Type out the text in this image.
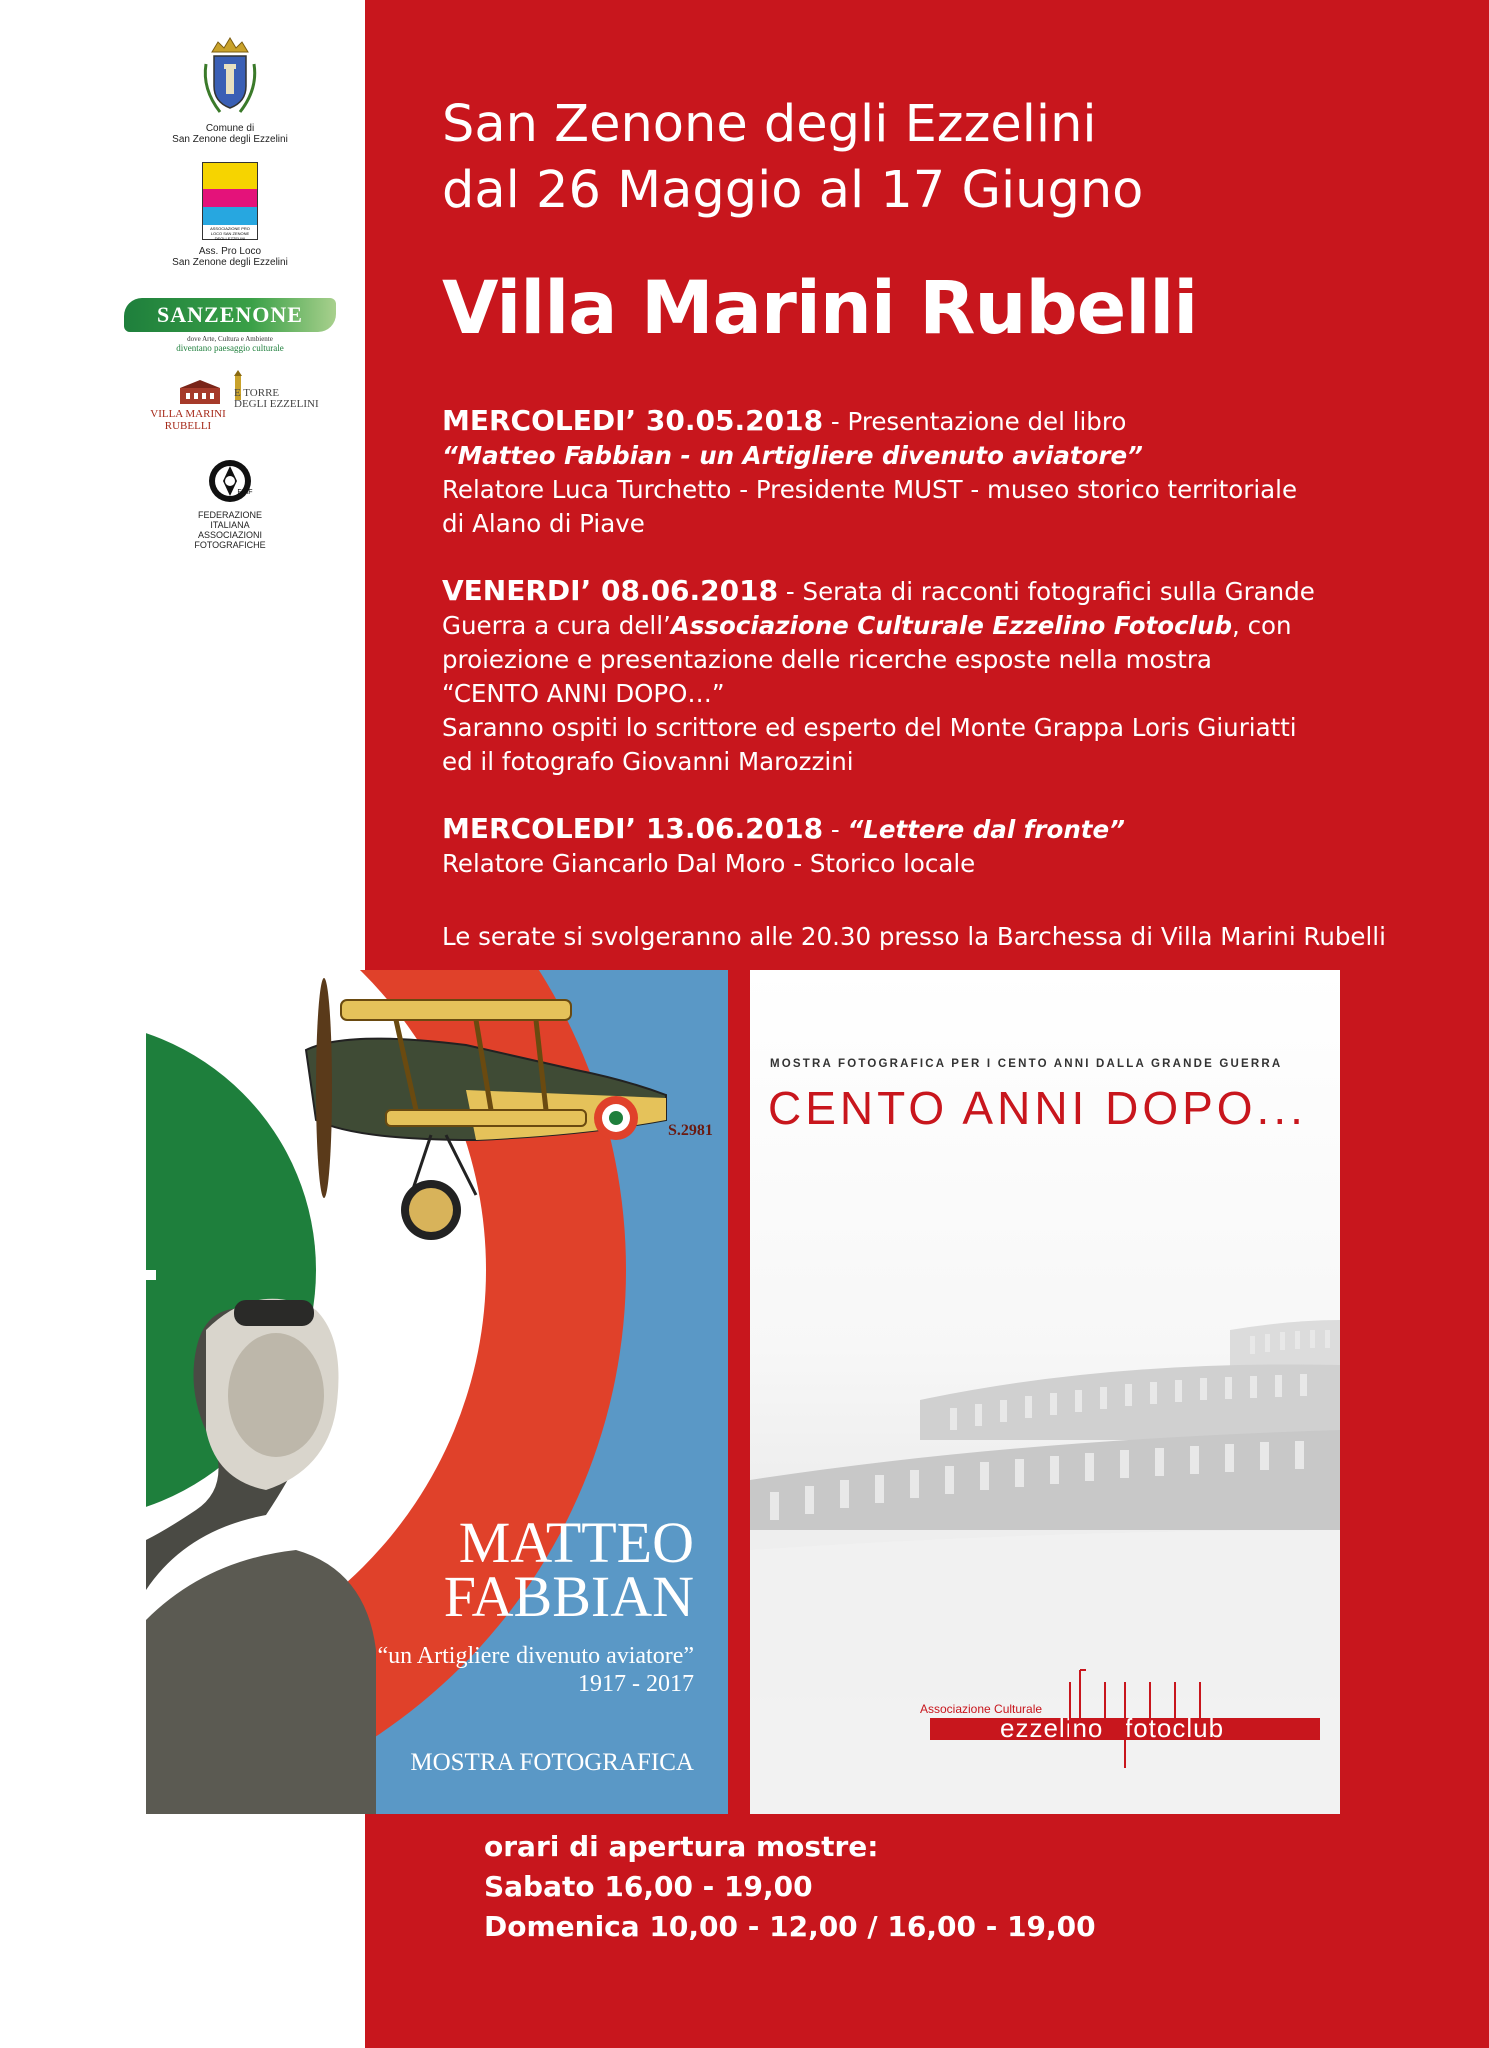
Comune di
San Zenone degli Ezzelini
ASSOCIAZIONE PRO LOCO SAN ZENONE DEGLI EZZELINI
Ass. Pro Loco
San Zenone degli Ezzelini
SANZENONE
dove Arte, Cultura e Ambiente
diventano paesaggio culturale
VILLA MARINI
RUBELLI
E TORRE
DEGLI EZZELINI
FIAF
FEDERAZIONE
ITALIANA
ASSOCIAZIONI
FOTOGRAFICHE
San Zenone degli Ezzelini
dal 26 Maggio al 17 Giugno
Villa Marini Rubelli
MERCOLEDI’ 30.05.2018 - Presentazione del libro
“Matteo Fabbian - un Artigliere divenuto aviatore”
Relatore Luca Turchetto - Presidente MUST - museo storico territoriale
di Alano di Piave
VENERDI’ 08.06.2018 - Serata di racconti fotografici sulla Grande
Guerra a cura dell’Associazione Culturale Ezzelino Fotoclub, con
proiezione e presentazione delle ricerche esposte nella mostra
“CENTO ANNI DOPO…”
Saranno ospiti lo scrittore ed esperto del Monte Grappa Loris Giuriatti
ed il fotografo Giovanni Marozzini
MERCOLEDI’ 13.06.2018 - “Lettere dal fronte”
Relatore Giancarlo Dal Moro - Storico locale
Le serate si svolgeranno alle 20.30 presso la Barchessa di Villa Marini Rubelli
MATTEO
FABBIAN
“un Artigliere divenuto aviatore”
1917 - 2017
MOSTRA FOTOGRAFICA
S.2981
MOSTRA FOTOGRAFICA PER I CENTO ANNI DALLA GRANDE GUERRA
CENTO ANNI DOPO...
Associazione Culturale
ezzelino fotoclub
orari di apertura mostre:
Sabato 16,00 - 19,00
Domenica 10,00 - 12,00 / 16,00 - 19,00
